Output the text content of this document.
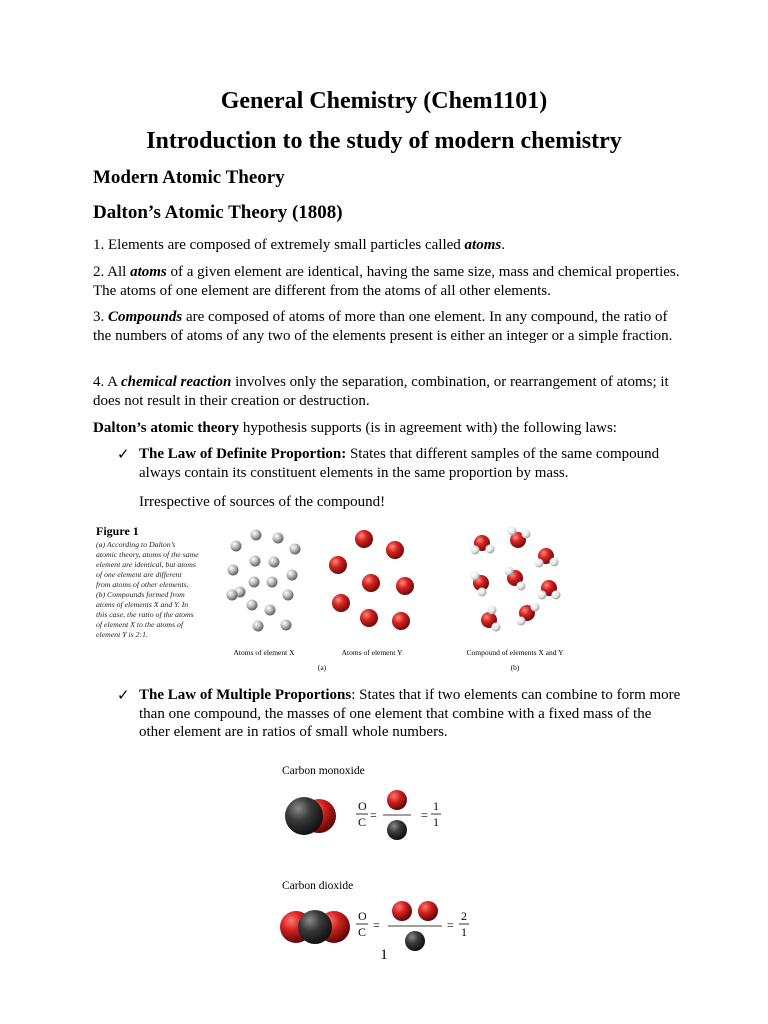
General Chemistry (Chem1101)
Introduction to the study of modern chemistry
Modern Atomic Theory
Dalton’s Atomic Theory (1808)
1. Elements are composed of extremely small particles called atoms.
2. All atoms of a given element are identical, having the same size, mass and chemical properties. The atoms of one element are different from the atoms of all other elements.
3. Compounds are composed of atoms of more than one element. In any compound, the ratio of the numbers of atoms of any two of the elements present is either an integer or a simple fraction.
4. A chemical reaction involves only the separation, combination, or rearrangement of atoms; it does not result in their creation or destruction.
Dalton’s atomic theory hypothesis supports (is in agreement with) the following laws:
✓ The Law of Definite Proportion: States that different samples of the same compound always contain its constituent elements in the same proportion by mass.
Irrespective of sources of the compound!
Figure 1
(a) According to Dalton’s
atomic theory, atoms of the same
element are identical, but atoms
of one element are different
from atoms of other elements.
(b) Compounds formed from
atoms of elements X and Y. In
this case, the ratio of the atoms
of element X to the atoms of
element Y is 2:1.
Atoms of element X	Atoms of element Y	Compound of elements X and Y
(a)	(b)
✓ The Law of Multiple Proportions: States that if two elements can combine to form more than one compound, the masses of one element that combine with a fixed mass of the other element are in ratios of small whole numbers.
Carbon monoxide
O
C =	=
1
1
Carbon dioxide
O
C =	=
2
1
1
